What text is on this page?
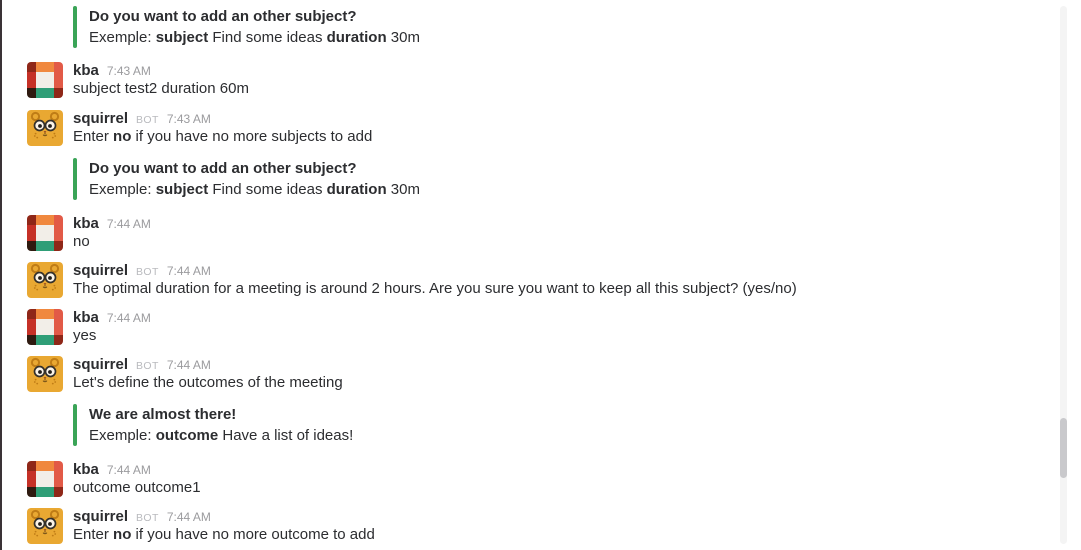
Do you want to add an other subject?
Exemple: subject Find some ideas duration 30m
kba 7:43 AM
subject test2 duration 60m
squirrel BOT 7:43 AM
Enter no if you have no more subjects to add
Do you want to add an other subject?
Exemple: subject Find some ideas duration 30m
kba 7:44 AM
no
squirrel BOT 7:44 AM
The optimal duration for a meeting is around 2 hours. Are you sure you want to keep all this subject? (yes/no)
kba 7:44 AM
yes
squirrel BOT 7:44 AM
Let's define the outcomes of the meeting
We are almost there!
Exemple: outcome Have a list of ideas!
kba 7:44 AM
outcome outcome1
squirrel BOT 7:44 AM
Enter no if you have no more outcome to add
